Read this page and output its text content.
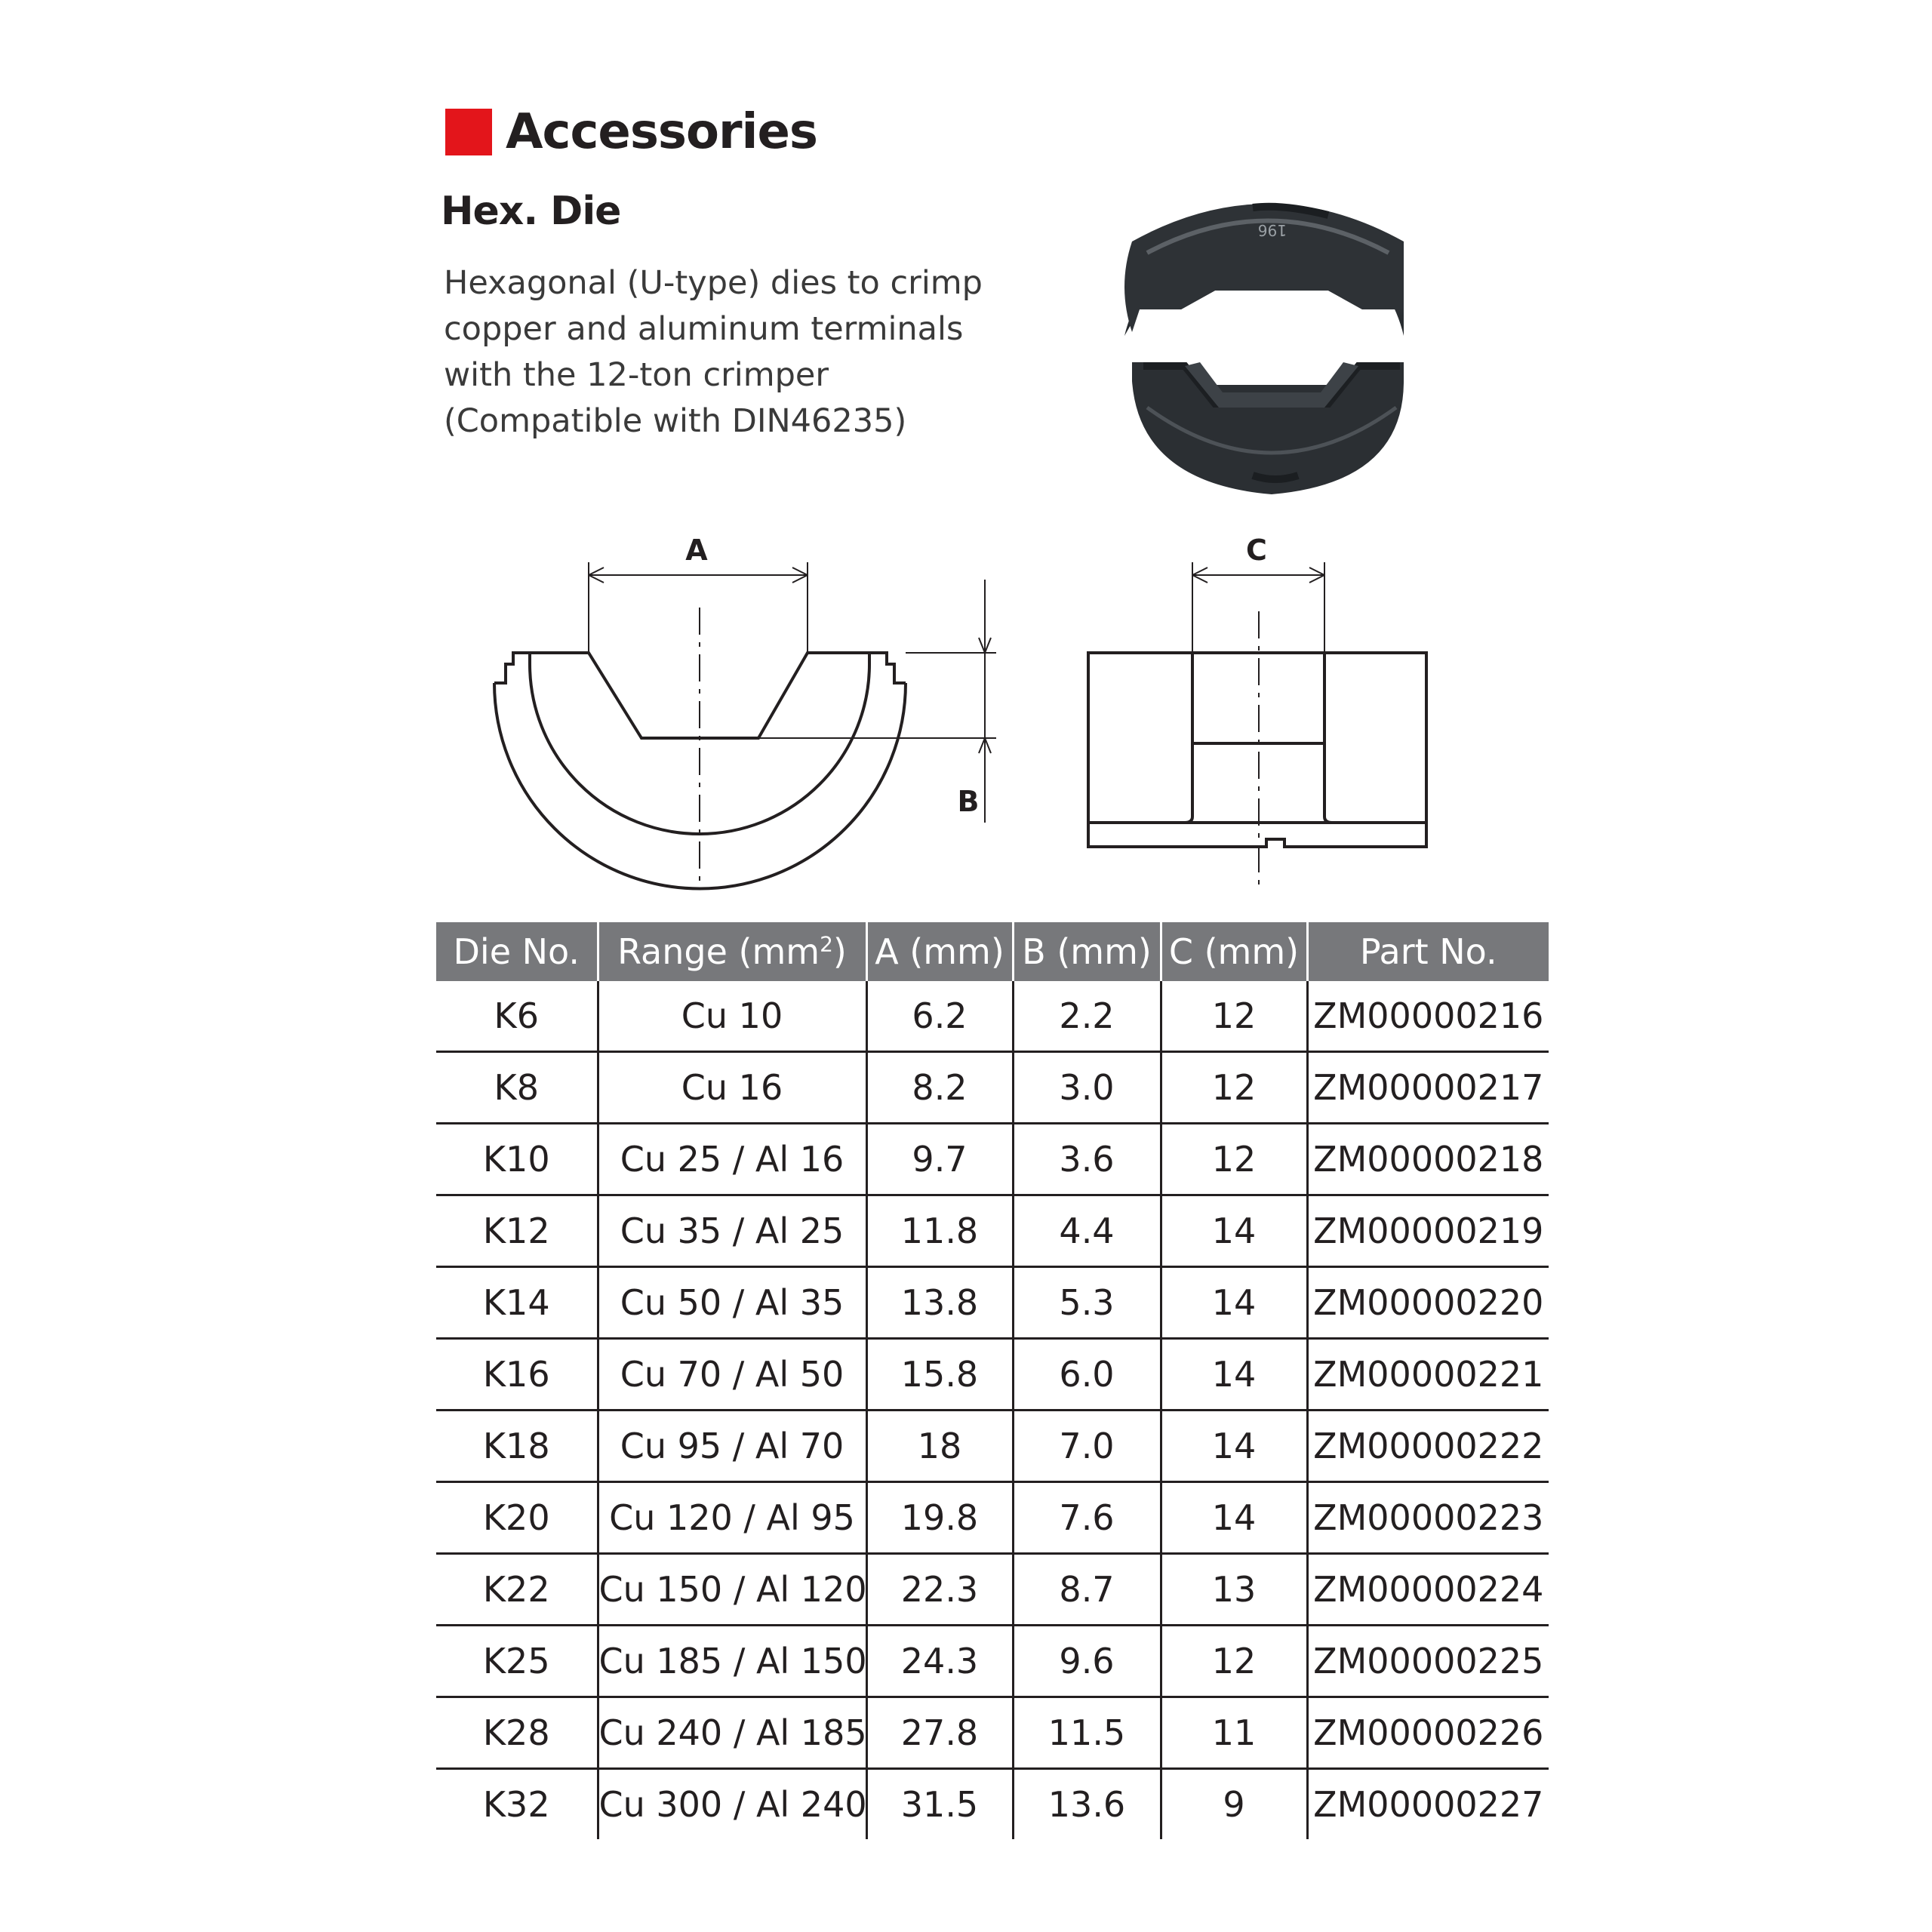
Accessories
Hex. Die
Hexagonal (U-type) dies to crimp
copper and aluminum terminals
with the 12-ton crimper
(Compatible with DIN46235)
196
A
B
C
Die No.	Range $(mm^2)$	A (mm)	B (mm)	C (mm)	Part No.
K6	Cu 10	6.2	2.2	12	ZM00000216
K8	Cu 16	8.2	3.0	12	ZM00000217
K10	Cu 25 / Al 16	9.7	3.6	12	ZM00000218
K12	Cu 35 / Al 25	11.8	4.4	14	ZM00000219
K14	Cu 50 / Al 35	13.8	5.3	14	ZM00000220
K16	Cu 70 / Al 50	15.8	6.0	14	ZM00000221
K18	Cu 95 / Al 70	18	7.0	14	ZM00000222
K20	Cu 120 / Al 95	19.8	7.6	14	ZM00000223
K22	Cu 150 / Al 120	22.3	8.7	13	ZM00000224
K25	Cu 185 / Al 150	24.3	9.6	12	ZM00000225
K28	Cu 240 / Al 185	27.8	11.5	11	ZM00000226
K32	Cu 300 / Al 240	31.5	13.6	9	ZM00000227
